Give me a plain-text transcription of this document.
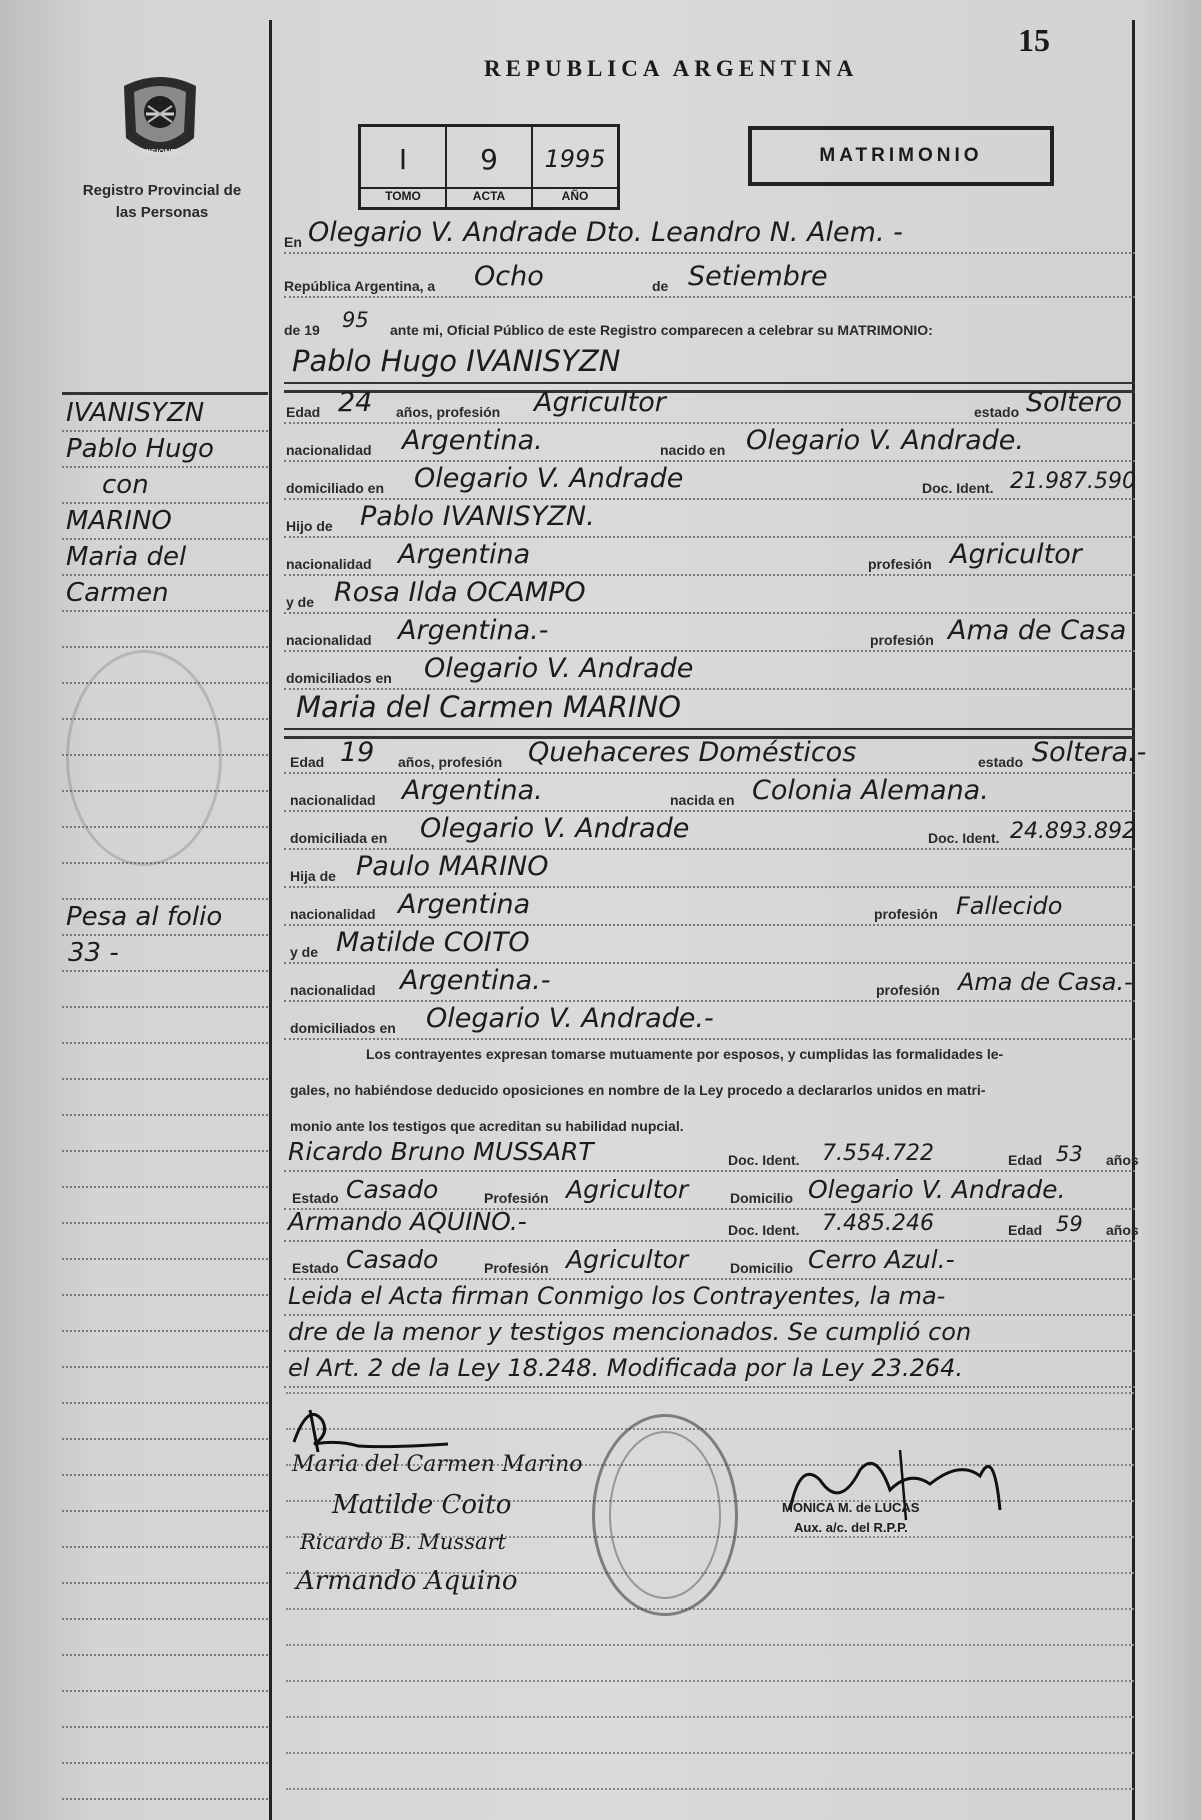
15
REPUBLICA ARGENTINA
MISIONES
Registro Provincial de las Personas
I
TOMO
9
ACTA
1995
AÑO
MATRIMONIO
IVANISYZN
Pablo Hugo
con
MARINO
Maria del
Carmen
Pesa al folio
33 -
En Olegario V. Andrade Dto. Leandro N. Alem. -
República Argentina, a Ocho	de Setiembre
de 19 95 ante mi, Oficial Público de este Registro comparecen a celebrar su MATRIMONIO:
Pablo Hugo IVANISYZN
Edad 24 años, profesión Agricultor	estado Soltero
nacionalidad Argentina.	nacido en Olegario V. Andrade.
domiciliado en Olegario V. Andrade	Doc. Ident. 21.987.590
Hijo de Pablo IVANISYZN.
nacionalidad Argentina	profesión Agricultor
y de Rosa Ilda OCAMPO
nacionalidad Argentina.-	profesión Ama de Casa
domiciliados en Olegario V. Andrade
Maria del Carmen MARINO
Edad 19 años, profesión Quehaceres Domésticos	estado Soltera.-
nacionalidad Argentina.	nacida en Colonia Alemana.
domiciliada en Olegario V. Andrade	Doc. Ident. 24.893.892
Hija de Paulo MARINO
nacionalidad Argentina	profesión Fallecido
y de Matilde COITO
nacionalidad Argentina.-	profesión Ama de Casa.-
domiciliados en Olegario V. Andrade.-
Los contrayentes expresan tomarse mutuamente por esposos, y cumplidas las formalidades le-
gales, no habiéndose deducido oposiciones en nombre de la Ley procedo a declararlos unidos en matri-
monio ante los testigos que acreditan su habilidad nupcial.
Ricardo Bruno MUSSART	Doc. Ident. 7.554.722	Edad 53 años
Estado Casado	Profesión Agricultor	Domicilio Olegario V. Andrade.
Armando AQUINO.-	Doc. Ident. 7.485.246	Edad 59 años
Estado Casado	Profesión Agricultor	Domicilio Cerro Azul.-
Leida el Acta firman Conmigo los Contrayentes, la ma-
dre de la menor y testigos mencionados. Se cumplió con
el Art. 2 de la Ley 18.248. Modificada por la Ley 23.264.
Maria del Carmen Marino
Matilde Coito
Ricardo B. Mussart
Armando Aquino
MONICA M. de LUCAS
Aux. a/c. del R.P.P.
